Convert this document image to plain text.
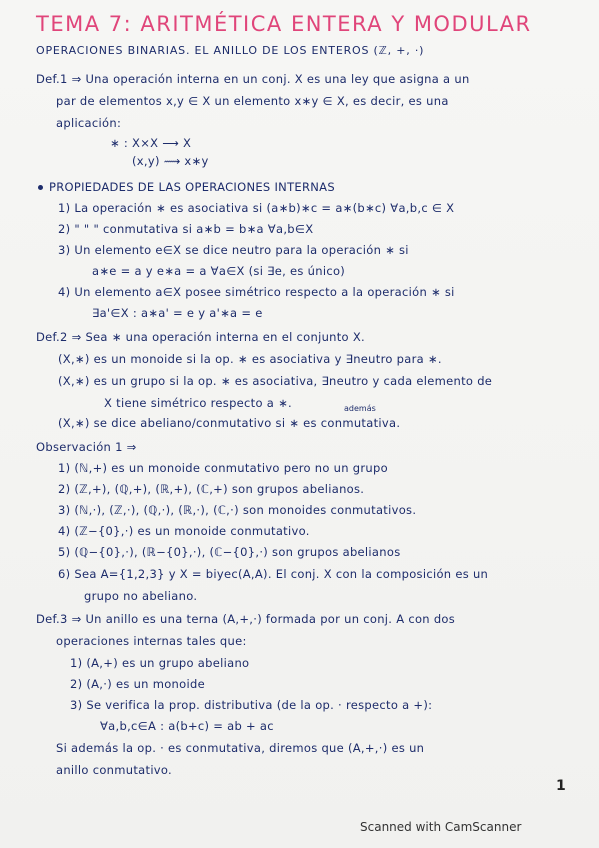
TEMA 7: ARITMÉTICA ENTERA Y MODULAR
OPERACIONES BINARIAS. EL ANILLO DE LOS ENTEROS (ℤ, +, ·)
Def.1 ⇒ Una operación interna en un conj. X es una ley que asigna a un
par de elementos x,y ∈ X un elemento x∗y ∈ X, es decir, es una
aplicación:
∗ : X×X ⟶ X
(x,y) ⟿ x∗y
PROPIEDADES DE LAS OPERACIONES INTERNAS
1) La operación ∗ es asociativa si (a∗b)∗c = a∗(b∗c) ∀a,b,c ∈ X
2) " " " conmutativa si a∗b = b∗a ∀a,b∈X
3) Un elemento e∈X se dice neutro para la operación ∗ si
a∗e = a y e∗a = a ∀a∈X (si ∃e, es único)
4) Un elemento a∈X posee simétrico respecto a la operación ∗ si
∃a'∈X : a∗a' = e y a'∗a = e
Def.2 ⇒ Sea ∗ una operación interna en el conjunto X.
(X,∗) es un monoide si la op. ∗ es asociativa y ∃neutro para ∗.
(X,∗) es un grupo si la op. ∗ es asociativa, ∃neutro y cada elemento de
X tiene simétrico respecto a ∗.	además
(X,∗) se dice abeliano/conmutativo si ∗ es conmutativa.
Observación 1 ⇒
1) (ℕ,+) es un monoide conmutativo pero no un grupo
2) (ℤ,+), (ℚ,+), (ℝ,+), (ℂ,+) son grupos abelianos.
3) (ℕ,·), (ℤ,·), (ℚ,·), (ℝ,·), (ℂ,·) son monoides conmutativos.
4) (ℤ−{0},·) es un monoide conmutativo.
5) (ℚ−{0},·), (ℝ−{0},·), (ℂ−{0},·) son grupos abelianos
6) Sea A={1,2,3} y X = biyec(A,A). El conj. X con la composición es un
grupo no abeliano.
Def.3 ⇒ Un anillo es una terna (A,+,·) formada por un conj. A con dos
operaciones internas tales que:
1) (A,+) es un grupo abeliano
2) (A,·) es un monoide
3) Se verifica la prop. distributiva (de la op. · respecto a +):
∀a,b,c∈A : a(b+c) = ab + ac
Si además la op. · es conmutativa, diremos que (A,+,·) es un
anillo conmutativo.
1
Scanned with CamScanner
